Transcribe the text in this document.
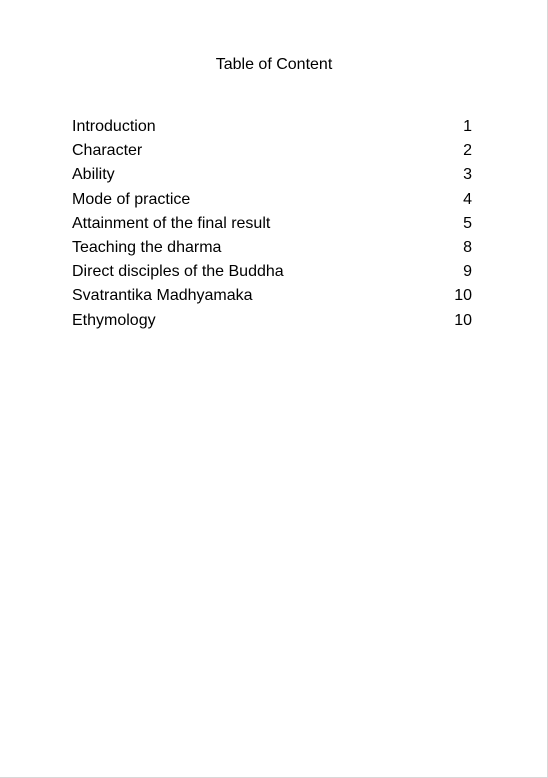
Table of Content
Introduction	1
Character	2
Ability	3
Mode of practice	4
Attainment of the final result	5
Teaching the dharma	8
Direct disciples of the Buddha	9
Svatrantika Madhyamaka	10
Ethymology	10
